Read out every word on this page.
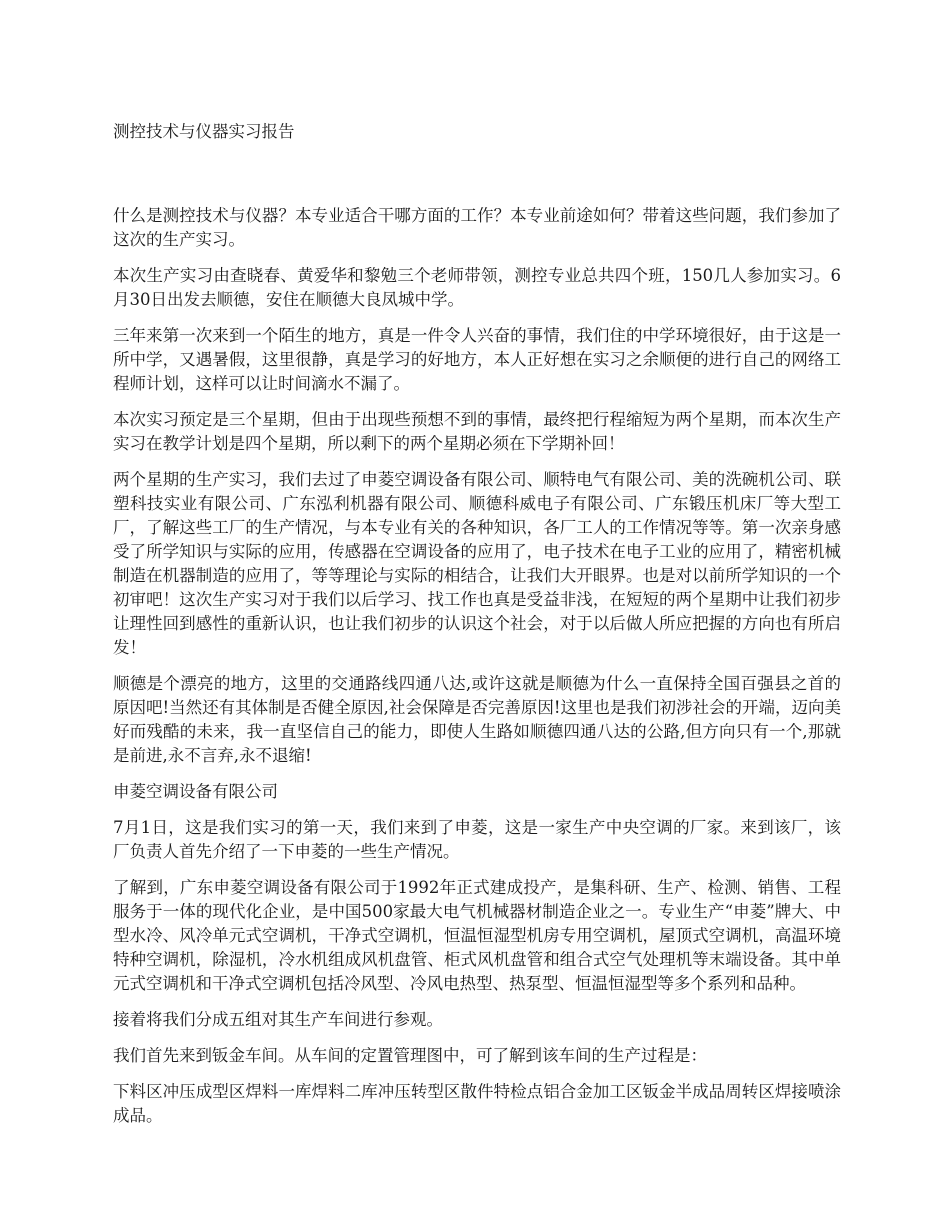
测控技术与仪器实习报告

什么是测控技术与仪器？本专业适合干哪方面的工作？本专业前途如何？带着这些问题，我们参加了这次的生产实习。

本次生产实习由查晓春、黄爱华和黎勉三个老师带领，测控专业总共四个班，150几人参加实习。6月30日出发去顺德，安住在顺德大良凤城中学。

三年来第一次来到一个陌生的地方，真是一件令人兴奋的事情，我们住的中学环境很好，由于这是一所中学，又遇暑假，这里很静，真是学习的好地方，本人正好想在实习之余顺便的进行自己的网络工程师计划，这样可以让时间滴水不漏了。

本次实习预定是三个星期，但由于出现些预想不到的事情，最终把行程缩短为两个星期，而本次生产实习在教学计划是四个星期，所以剩下的两个星期必须在下学期补回！

两个星期的生产实习，我们去过了申菱空调设备有限公司、顺特电气有限公司、美的洗碗机公司、联塑科技实业有限公司、广东泓利机器有限公司、顺德科威电子有限公司、广东锻压机床厂等大型工厂，了解这些工厂的生产情况，与本专业有关的各种知识，各厂工人的工作情况等等。第一次亲身感受了所学知识与实际的应用，传感器在空调设备的应用了，电子技术在电子工业的应用了，精密机械制造在机器制造的应用了，等等理论与实际的相结合，让我们大开眼界。也是对以前所学知识的一个初审吧！这次生产实习对于我们以后学习、找工作也真是受益非浅，在短短的两个星期中让我们初步让理性回到感性的重新认识，也让我们初步的认识这个社会，对于以后做人所应把握的方向也有所启发！

顺德是个漂亮的地方，这里的交通路线四通八达,或许这就是顺德为什么一直保持全国百强县之首的原因吧!当然还有其体制是否健全原因,社会保障是否完善原因!这里也是我们初涉社会的开端，迈向美好而残酷的未来，我一直坚信自己的能力，即使人生路如顺德四通八达的公路,但方向只有一个,那就是前进,永不言弃,永不退缩!

申菱空调设备有限公司

7月1日，这是我们实习的第一天，我们来到了申菱，这是一家生产中央空调的厂家。来到该厂，该厂负责人首先介绍了一下申菱的一些生产情况。

了解到，广东申菱空调设备有限公司于1992年正式建成投产，是集科研、生产、检测、销售、工程服务于一体的现代化企业，是中国500家最大电气机械器材制造企业之一。专业生产“申菱”牌大、中型水冷、风冷单元式空调机，干净式空调机，恒温恒湿型机房专用空调机，屋顶式空调机，高温环境特种空调机，除湿机，冷水机组成风机盘管、柜式风机盘管和组合式空气处理机等末端设备。其中单元式空调机和干净式空调机包括冷风型、冷风电热型、热泵型、恒温恒湿型等多个系列和品种。

接着将我们分成五组对其生产车间进行参观。

我们首先来到钣金车间。从车间的定置管理图中，可了解到该车间的生产过程是：

下料区冲压成型区焊料一库焊料二库冲压转型区散件特检点铝合金加工区钣金半成品周转区焊接喷涂成品。
